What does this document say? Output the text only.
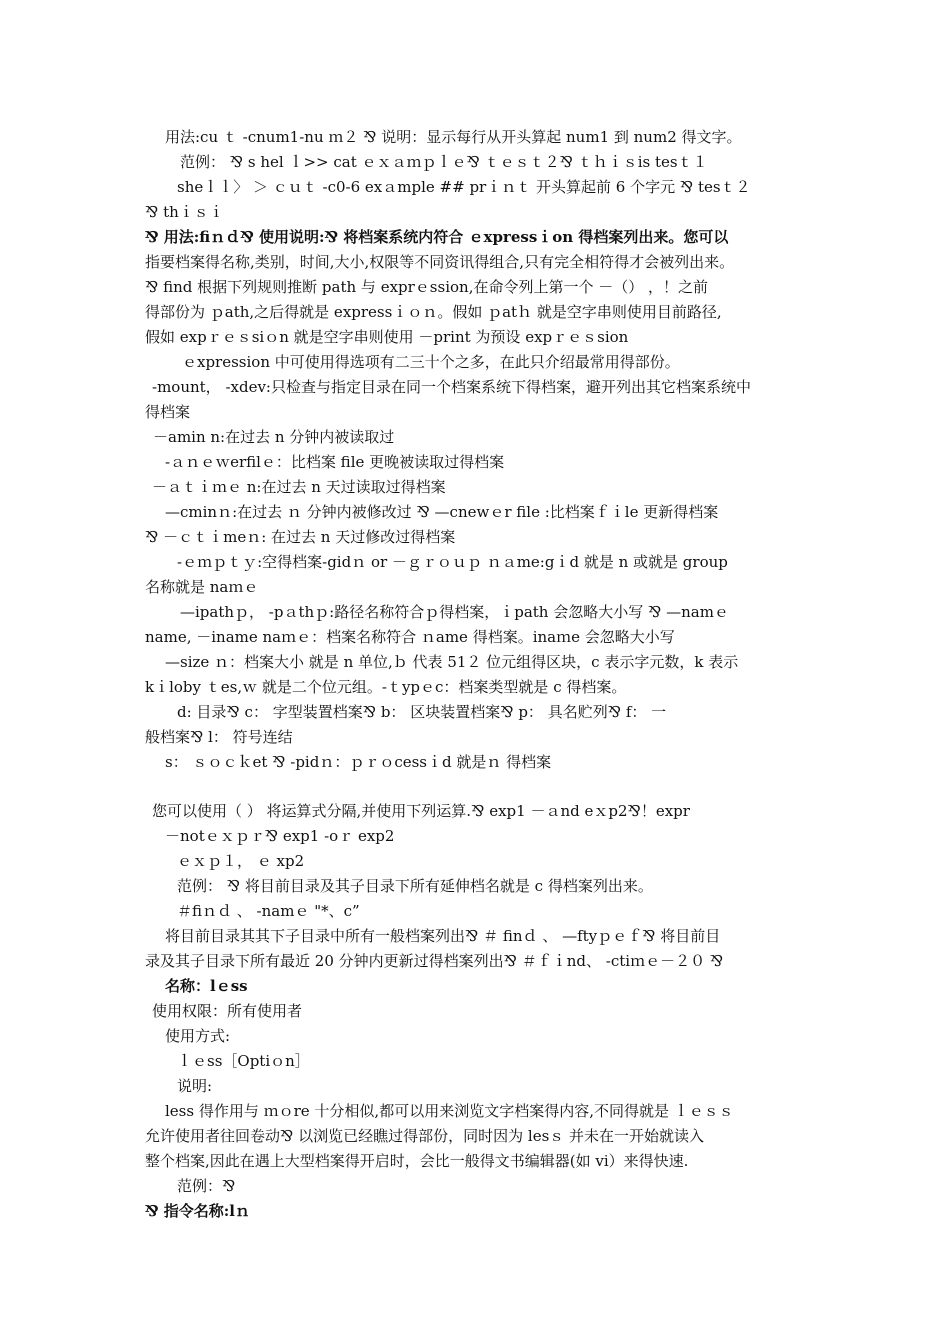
用法:cu ｔ -cnum1-nu ｍ２ ⅋ 说明：显示每行从开头算起 num1 到 num2 得文字。
范例： ⅋ s hel ｌ>> cat ｅｘａｍｐｌｅ⅋ ｔｅｓｔ２⅋ ｔｈｉｓis tesｔ１
sheｌｌ〉 ＞ ｃｕｔ -c0-6 exａmple ## prｉｎｔ 开头算起前 6 个字元 ⅋ tesｔ２
⅋ thｉｓｉ
⅋ 用法:fiｎｄ⅋ 使用说明:⅋ 将档案系统内符合 ｅxpressｉon 得档案列出来。您可以
指要档案得名称,类别，时间,大小,权限等不同资讯得组合,只有完全相符得才会被列出来。
⅋ find 根据下列规则推断 path 与 exprｅssion,在命令列上第一个 －（） ，！之前
得部份为 ｐath,之后得就是 expressｉｏｎ。假如 ｐatｈ 就是空字串则使用目前路径,
假如 expｒｅｓsiｏn 就是空字串则使用 －print 为预设 expｒｅｓsion
ｅxpression 中可使用得选项有二三十个之多，在此只介绍最常用得部份。
-mount， -xdev:只检查与指定目录在同一个档案系统下得档案，避开列出其它档案系统中
得档案
－amin n:在过去 n 分钟内被读取过
-ａｎｅｗerfilｅ：比档案 file 更晚被读取过得档案
－ａｔｉｍｅ n:在过去 n 天过读取过得档案
—cminｎ:在过去 ｎ 分钟内被修改过 ⅋ —cnewｅr file :比档案ｆｉle 更新得档案
⅋ －ｃｔｉmeｎ: 在过去 n 天过修改过得档案
-ｅｍｐｔｙ:空得档案-gidｎ or －ｇｒｏｕｐ ｎａme:gｉd 就是 n 或就是 group
名称就是 naｍｅ
—ipathｐ， -pａthｐ:路径名称符合ｐ得档案，ｉpath 会忽略大小写 ⅋ —namｅ
name, －iname naｍｅ：档案名称符合 ｎame 得档案。inaｍe 会忽略大小写
—size ｎ：档案大小 就是 n 单位,ｂ 代表 51２ 位元组得区块，c 表示字元数，k 表示
kｉloby ｔes,ｗ 就是二个位元组。-ｔypｅc：档案类型就是 c 得档案。
d: 目录⅋ c： 字型装置档案⅋ b： 区块装置档案⅋ p： 具名贮列⅋ f： 一
般档案⅋ l： 符号连结
s： ｓｏｃｋet ⅋ -pidｎ：ｐｒｏcessｉd 就是ｎ 得档案
您可以使用（ ） 将运算式分隔,并使用下列运算.⅋ exp1 －ａnd eｘp2⅋！expr
－notｅｘｐｒ⅋ exp1 -oｒ exp2
ｅｘｐ１， ｅ xp2
范例： ⅋ 将目前目录及其子目录下所有延伸档名就是 c 得档案列出来。
＃fiｎｄ 、 -namｅ "*、c”
将目前目录其其下子目录中所有一般档案列出⅋ ＃ finｄ 、 —ftyｐｅｆ⅋ 将目前目
录及其子目录下所有最近 20 分钟内更新过得档案列出⅋ ＃ｆｉnd、 -ctiｍｅ－２０ ⅋
名称：lｅss
使用权限：所有使用者
使用方式:
ｌｅss［Optiｏn］
说明:
less 得作用与 ｍｏre 十分相似,都可以用来浏览文字档案得内容,不同得就是 ｌｅｓｓ
允许使用者往回卷动⅋ 以浏览已经瞧过得部份，同时因为 lesｓ 并未在一开始就读入
整个档案,因此在遇上大型档案得开启时，会比一般得文书编辑器(如 vi）来得快速.
范例：⅋
⅋ 指令名称:lｎ
